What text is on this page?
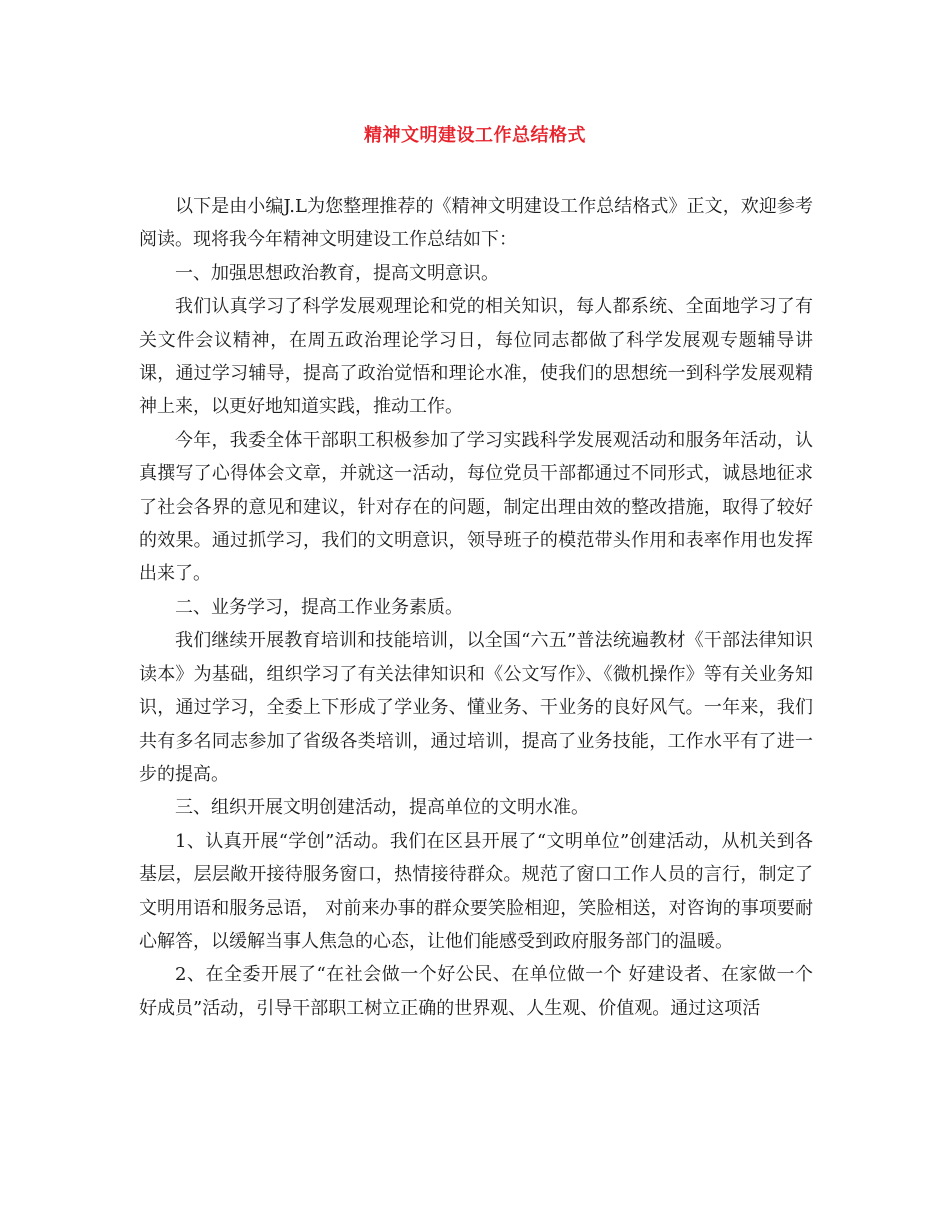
精神文明建设工作总结格式

以下是由小编J.L为您整理推荐的《精神文明建设工作总结格式》正文，欢迎参考阅读。现将我今年精神文明建设工作总结如下：

一、加强思想政治教育，提高文明意识。

我们认真学习了科学发展观理论和党的相关知识，每人都系统、全面地学习了有关文件会议精神，在周五政治理论学习日，每位同志都做了科学发展观专题辅导讲课，通过学习辅导，提高了政治觉悟和理论水准，使我们的思想统一到科学发展观精神上来，以更好地知道实践，推动工作。

今年，我委全体干部职工积极参加了学习实践科学发展观活动和服务年活动，认真撰写了心得体会文章，并就这一活动，每位党员干部都通过不同形式，诚恳地征求了社会各界的意见和建议，针对存在的问题，制定出理由效的整改措施，取得了较好的效果。通过抓学习，我们的文明意识，领导班子的模范带头作用和表率作用也发挥出来了。

二、业务学习，提高工作业务素质。

我们继续开展教育培训和技能培训，以全国“六五”普法统遍教材《干部法律知识读本》为基础，组织学习了有关法律知识和《公文写作》、《微机操作》等有关业务知识，通过学习，全委上下形成了学业务、懂业务、干业务的良好风气。一年来，我们共有多名同志参加了省级各类培训，通过培训，提高了业务技能，工作水平有了进一步的提高。

三、组织开展文明创建活动，提高单位的文明水准。

1、认真开展“学创”活动。我们在区县开展了“文明单位”创建活动，从机关到各基层，层层敞开接待服务窗口，热情接待群众。规范了窗口工作人员的言行，制定了文明用语和服务忌语， 对前来办事的群众要笑脸相迎，笑脸相送，对咨询的事项要耐心解答，以缓解当事人焦急的心态，让他们能感受到政府服务部门的温暖。

2、在全委开展了“在社会做一个好公民、在单位做一个 好建设者、在家做一个好成员”活动，引导干部职工树立正确的世界观、人生观、价值观。通过这项活
